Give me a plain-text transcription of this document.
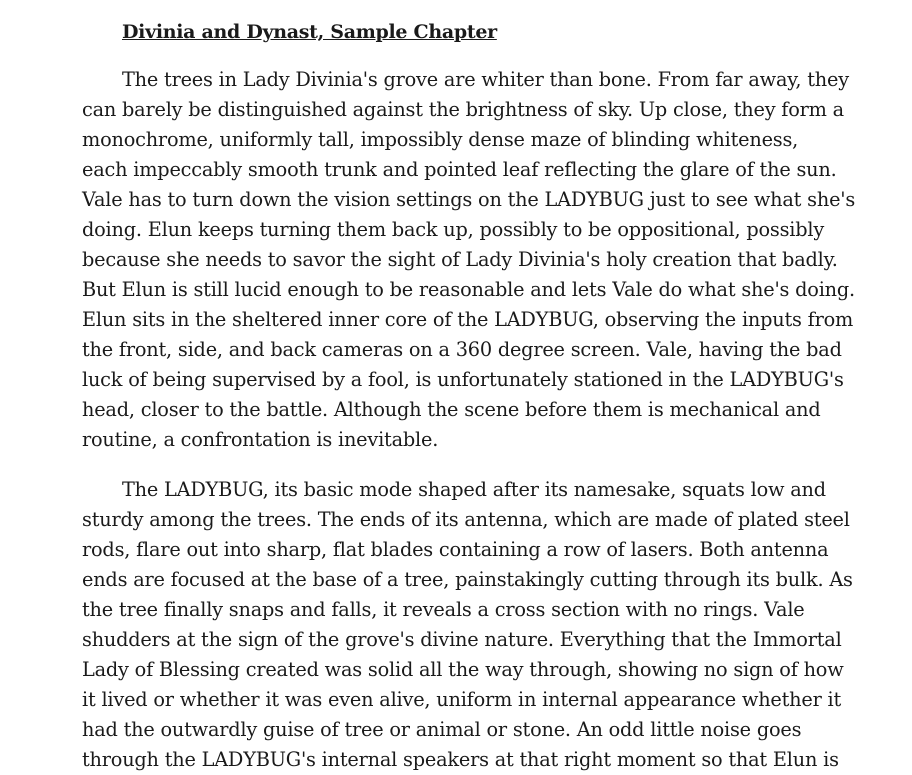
Divinia and Dynast, Sample Chapter

The trees in Lady Divinia's grove are whiter than bone. From far away, they
can barely be distinguished against the brightness of sky. Up close, they form a
monochrome, uniformly tall, impossibly dense maze of blinding whiteness,
each impeccably smooth trunk and pointed leaf reflecting the glare of the sun.
Vale has to turn down the vision settings on the LADYBUG just to see what she's
doing. Elun keeps turning them back up, possibly to be oppositional, possibly
because she needs to savor the sight of Lady Divinia's holy creation that badly.
But Elun is still lucid enough to be reasonable and lets Vale do what she's doing.
Elun sits in the sheltered inner core of the LADYBUG, observing the inputs from
the front, side, and back cameras on a 360 degree screen. Vale, having the bad
luck of being supervised by a fool, is unfortunately stationed in the LADYBUG's
head, closer to the battle. Although the scene before them is mechanical and
routine, a confrontation is inevitable.

The LADYBUG, its basic mode shaped after its namesake, squats low and
sturdy among the trees. The ends of its antenna, which are made of plated steel
rods, flare out into sharp, flat blades containing a row of lasers. Both antenna
ends are focused at the base of a tree, painstakingly cutting through its bulk. As
the tree finally snaps and falls, it reveals a cross section with no rings. Vale
shudders at the sign of the grove's divine nature. Everything that the Immortal
Lady of Blessing created was solid all the way through, showing no sign of how
it lived or whether it was even alive, uniform in internal appearance whether it
had the outwardly guise of tree or animal or stone. An odd little noise goes
through the LADYBUG's internal speakers at that right moment so that Elun is
